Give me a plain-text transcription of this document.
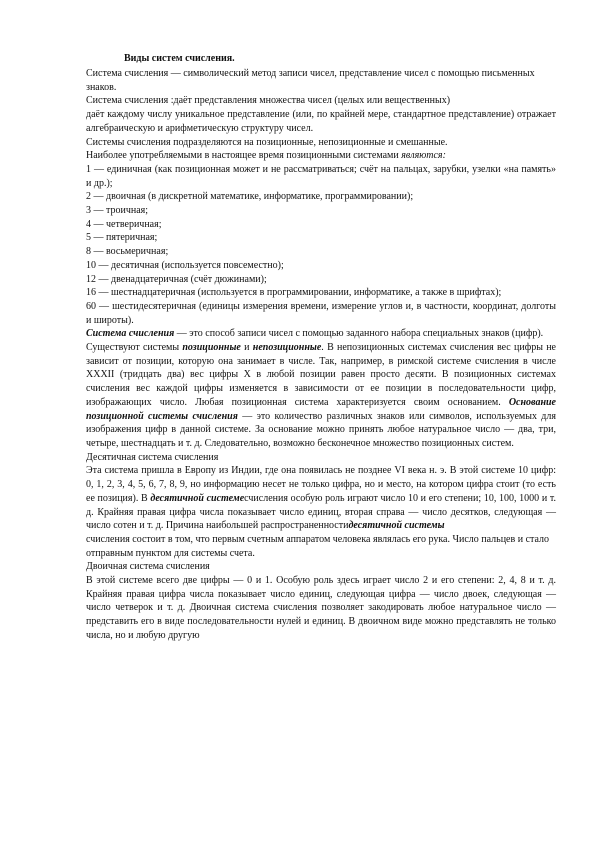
Виды систем счисления.

Система счисления — символический метод записи чисел, представление чисел с помощью письменных знаков.

Система счисления :даёт представления множества чисел (целых или вещественных)

даёт каждому числу уникальное представление (или, по крайней мере, стандартное представление) отражает алгебраическую и арифметическую структуру чисел.

Системы счисления подразделяются на позиционные, непозиционные и смешанные.

Наиболее употребляемыми в настоящее время позиционными системами являются:

1 — единичная (как позиционная может и не рассматриваться; счёт на пальцах, зарубки, узелки «на память» и др.);

2 — двоичная (в дискретной математике, информатике, программировании);

3 — троичная;

4 — четверичная;

5 — пятеричная;

8 — восьмеричная;

10 — десятичная (используется повсеместно);

12 — двенадцатеричная (счёт дюжинами);

16 — шестнадцатеричная (используется в программировании, информатике, а также в шрифтах);

60 — шестидесятеричная (единицы измерения времени, измерение углов и, в частности, координат, долготы и широты).

Система счисления — это способ записи чисел с помощью заданного набора специальных знаков (цифр).

Существуют системы позиционные и непозиционные. В непозиционных системах счисления вес цифры не зависит от позиции, которую она занимает в числе. Так, например, в римской системе счисления в числе XXXII (тридцать два) вес цифры X в любой позиции равен просто десяти. В позиционных системах счисления вес каждой цифры изменяется в зависимости от ее позиции в последовательности цифр, изображающих число. Любая позиционная система характеризуется своим основанием. Основание позиционной системы счисления — это количество различных знаков или символов, используемых для изображения цифр в данной системе. За основание можно принять любое натуральное число — два, три, четыре, шестнадцать и т. д. Следовательно, возможно бесконечное множество позиционных систем.

Десятичная система счисления

Эта система пришла в Европу из Индии, где она появилась не позднее VI века н. э. В этой системе 10 цифр: 0, 1, 2, 3, 4, 5, 6, 7, 8, 9, но информацию несет не только цифра, но и место, на котором цифра стоит (то есть ее позиция). В десятичной системесчисления особую роль играют число 10 и его степени; 10, 100, 1000 и т. д. Крайняя правая цифра числа показывает число единиц, вторая справа — число десятков, следующая — число сотен и т. д. Причина наибольшей распространенностидесятичной системы

счисления состоит в том, что первым счетным аппаратом человека являлась его рука. Число пальцев и стало отправным пунктом для системы счета.

Двоичная система счисления

В этой системе всего две цифры — 0 и 1. Особую роль здесь играет число 2 и его степени: 2, 4, 8 и т. д. Крайняя правая цифра числа показывает число единиц, следующая цифра — число двоек, следующая — число четверок и т. д. Двоичная система счисления позволяет закодировать любое натуральное число — представить его в виде последовательности нулей и единиц. В двоичном виде можно представлять не только числа, но и любую другую
